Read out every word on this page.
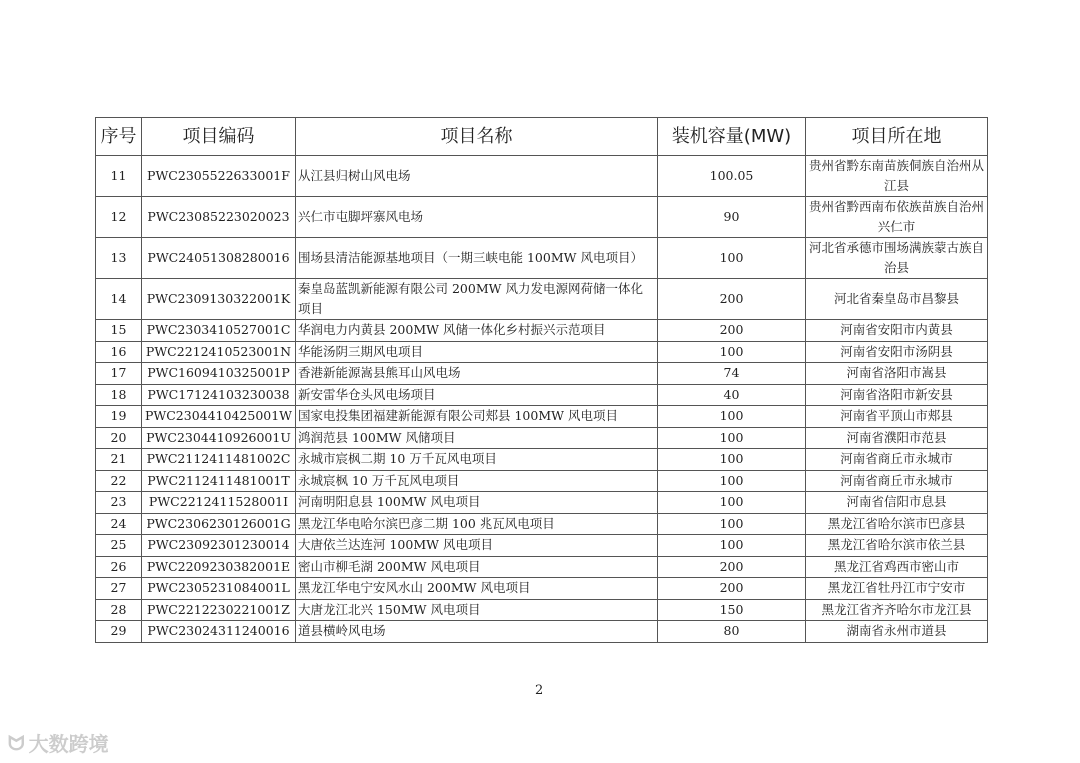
序号	项目编码	项目名称	装机容量(MW)	项目所在地
11	PWC2305522633001F	从江县归树山风电场	100.05	贵州省黔东南苗族侗族自治州从江县
12	PWC23085223020023	兴仁市屯脚坪寨风电场	90	贵州省黔西南布依族苗族自治州兴仁市
13	PWC24051308280016	围场县清洁能源基地项目（一期三峡电能 100MW 风电项目）	100	河北省承德市围场满族蒙古族自治县
14	PWC2309130322001K	秦皇岛蓝凯新能源有限公司 200MW 风力发电源网荷储一体化项目	200	河北省秦皇岛市昌黎县
15	PWC2303410527001C	华润电力内黄县 200MW 风储一体化乡村振兴示范项目	200	河南省安阳市内黄县
16	PWC2212410523001N	华能汤阴三期风电项目	100	河南省安阳市汤阴县
17	PWC1609410325001P	香港新能源嵩县熊耳山风电场	74	河南省洛阳市嵩县
18	PWC17124103230038	新安雷华仓头风电场项目	40	河南省洛阳市新安县
19	PWC2304410425001W	国家电投集团福建新能源有限公司郏县 100MW 风电项目	100	河南省平顶山市郏县
20	PWC2304410926001U	鸿润范县 100MW 风储项目	100	河南省濮阳市范县
21	PWC2112411481002C	永城市宸枫二期 10 万千瓦风电项目	100	河南省商丘市永城市
22	PWC2112411481001T	永城宸枫 10 万千瓦风电项目	100	河南省商丘市永城市
23	PWC2212411528001I	河南明阳息县 100MW 风电项目	100	河南省信阳市息县
24	PWC2306230126001G	黑龙江华电哈尔滨巴彦二期 100 兆瓦风电项目	100	黑龙江省哈尔滨市巴彦县
25	PWC23092301230014	大唐依兰达连河 100MW 风电项目	100	黑龙江省哈尔滨市依兰县
26	PWC2209230382001E	密山市柳毛湖 200MW 风电项目	200	黑龙江省鸡西市密山市
27	PWC2305231084001L	黑龙江华电宁安风水山 200MW 风电项目	200	黑龙江省牡丹江市宁安市
28	PWC2212230221001Z	大唐龙江北兴 150MW 风电项目	150	黑龙江省齐齐哈尔市龙江县
29	PWC23024311240016	道县横岭风电场	80	湖南省永州市道县
2
ᗢ 大数跨境
